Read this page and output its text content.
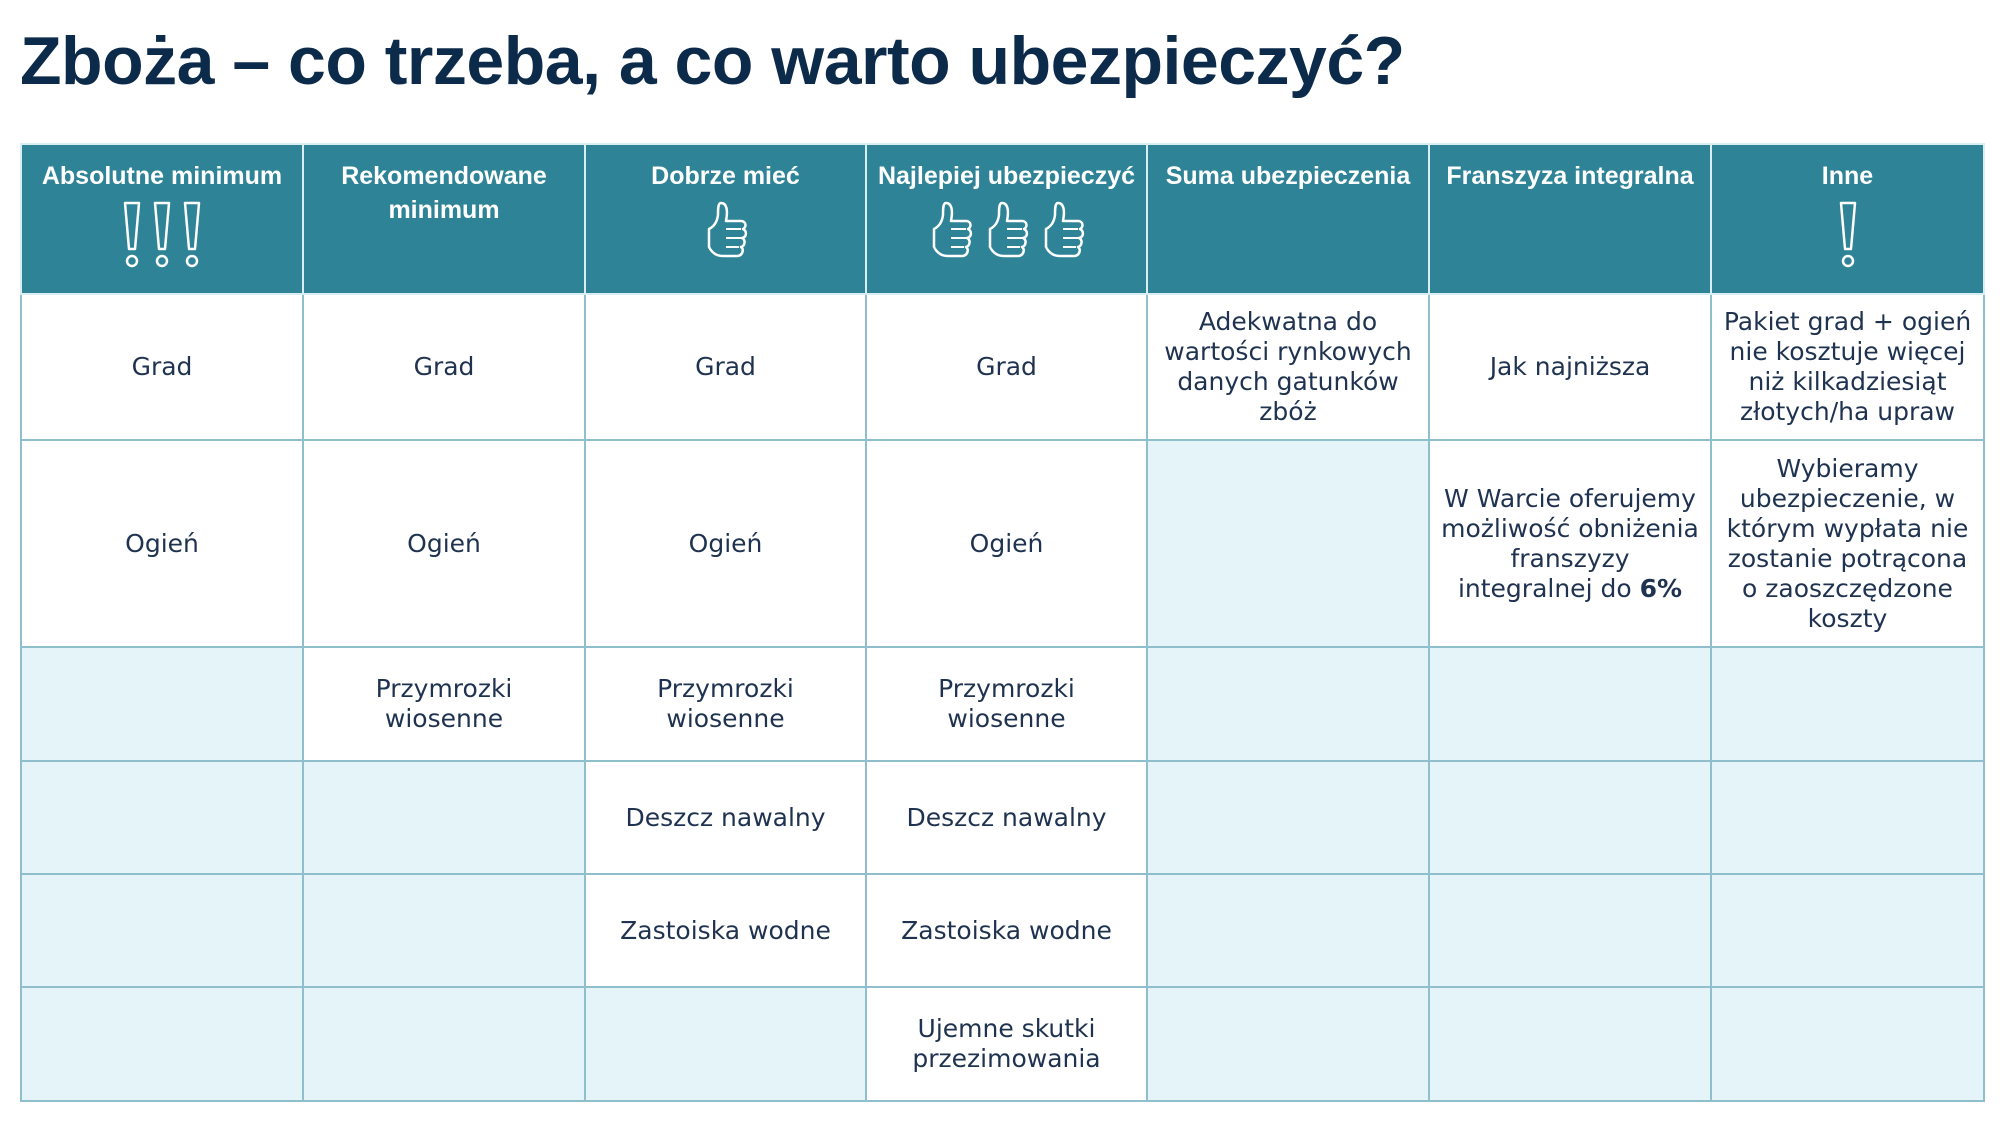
Zboża – co trzeba, a co warto ubezpieczyć?
Absolutne minimum	Rekomendowane minimum	Dobrze mieć	Najlepiej ubezpieczyć	Suma ubezpieczenia	Franszyza integralna	Inne

Grad	Grad	Grad	Grad	Adekwatna do wartości rynkowych danych gatunków zbóż	Jak najniższa	Pakiet grad + ogień nie kosztuje więcej niż kilkadziesiąt złotych/ha upraw
Ogień	Ogień	Ogień	Ogień		W Warcie oferujemy możliwość obniżenia franszyzy integralnej do 6%	Wybieramy ubezpieczenie, w którym wypłata nie zostanie potrącona o zaoszczędzone koszty
	Przymrozki wiosenne	Przymrozki wiosenne	Przymrozki wiosenne			
		Deszcz nawalny	Deszcz nawalny			
		Zastoiska wodne	Zastoiska wodne			
			Ujemne skutki przezimowania			
